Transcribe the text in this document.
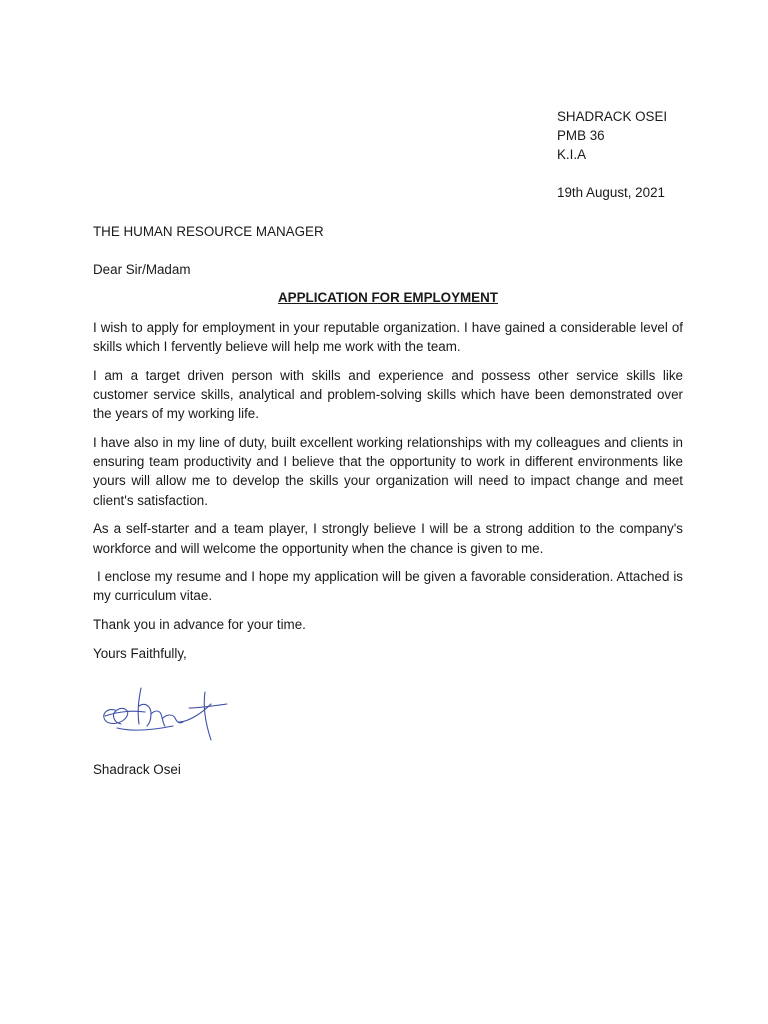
SHADRACK OSEI
PMB 36
K.I.A
19th August, 2021
THE HUMAN RESOURCE MANAGER
Dear Sir/Madam
APPLICATION FOR EMPLOYMENT

I wish to apply for employment in your reputable organization. I have gained a considerable level of skills which I fervently believe will help me work with the team.

I am a target driven person with skills and experience and possess other service skills like customer service skills, analytical and problem-solving skills which have been demonstrated over the years of my working life.

I have also in my line of duty, built excellent working relationships with my colleagues and clients in ensuring team productivity and I believe that the opportunity to work in different environments like yours will allow me to develop the skills your organization will need to impact change and meet client's satisfaction.

As a self-starter and a team player, I strongly believe I will be a strong addition to the company's workforce and will welcome the opportunity when the chance is given to me.

I enclose my resume and I hope my application will be given a favorable consideration. Attached is my curriculum vitae.

Thank you in advance for your time.

Yours Faithfully,

Shadrack Osei
